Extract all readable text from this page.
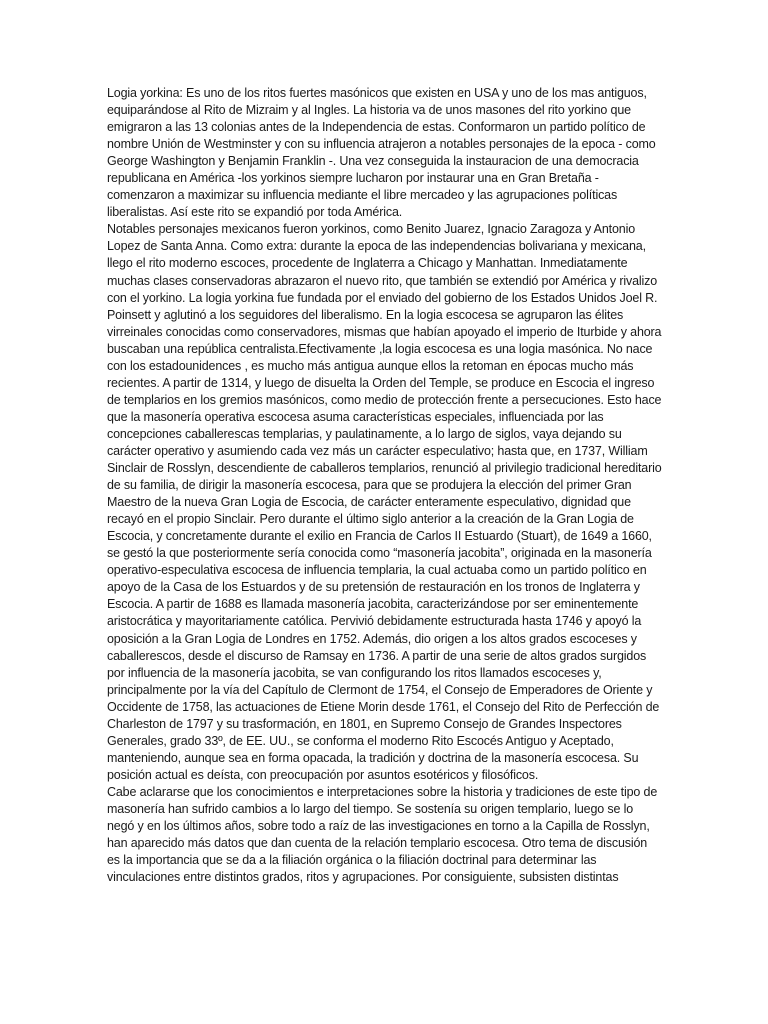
Logia yorkina: Es uno de los ritos fuertes masónicos que existen en USA y uno de los mas antiguos, equiparándose al Rito de Mizraim y al Ingles. La historia va de unos masones del rito yorkino que emigraron a las 13 colonias antes de la Independencia de estas. Conformaron un partido político de nombre Unión de Westminster y con su influencia atrajeron a notables personajes de la epoca - como George Washington y Benjamin Franklin -. Una vez conseguida la instauracion de una democracia republicana en América -los yorkinos siempre lucharon por instaurar una en Gran Bretaña -comenzaron a maximizar su influencia mediante el libre mercadeo y las agrupaciones políticas liberalistas. Así este rito se expandió por toda América.

Notables personajes mexicanos fueron yorkinos, como Benito Juarez, Ignacio Zaragoza y Antonio Lopez de Santa Anna. Como extra: durante la epoca de las independencias bolivariana y mexicana, llego el rito moderno escoces, procedente de Inglaterra a Chicago y Manhattan. Inmediatamente muchas clases conservadoras abrazaron el nuevo rito, que también se extendió por América y rivalizo con el yorkino. La logia yorkina fue fundada por el enviado del gobierno de los Estados Unidos Joel R. Poinsett y aglutinó a los seguidores del liberalismo. En la logia escocesa se agruparon las élites virreinales conocidas como conservadores, mismas que habían apoyado el imperio de Iturbide y ahora buscaban una república centralista.Efectivamente ,la logia escocesa es una logia masónica. No nace con los estadounidences , es mucho más antigua aunque ellos la retoman en épocas mucho más recientes. A partir de 1314, y luego de disuelta la Orden del Temple, se produce en Escocia el ingreso de templarios en los gremios masónicos, como medio de protección frente a persecuciones. Esto hace que la masonería operativa escocesa asuma características especiales, influenciada por las concepciones caballerescas templarias, y paulatinamente, a lo largo de siglos, vaya dejando su carácter operativo y asumiendo cada vez más un carácter especulativo; hasta que, en 1737, William Sinclair de Rosslyn, descendiente de caballeros templarios, renunció al privilegio tradicional hereditario de su familia, de dirigir la masonería escocesa, para que se produjera la elección del primer Gran Maestro de la nueva Gran Logia de Escocia, de carácter enteramente especulativo, dignidad que recayó en el propio Sinclair. Pero durante el último siglo anterior a la creación de la Gran Logia de Escocia, y concretamente durante el exilio en Francia de Carlos II Estuardo (Stuart), de 1649 a 1660, se gestó la que posteriormente sería conocida como “masonería jacobita”, originada en la masonería operativo-especulativa escocesa de influencia templaria, la cual actuaba como un partido político en apoyo de la Casa de los Estuardos y de su pretensión de restauración en los tronos de Inglaterra y Escocia. A partir de 1688 es llamada masonería jacobita, caracterizándose por ser eminentemente aristocrática y mayoritariamente católica. Pervivió debidamente estructurada hasta 1746 y apoyó la oposición a la Gran Logia de Londres en 1752. Además, dio origen a los altos grados escoceses y caballerescos, desde el discurso de Ramsay en 1736. A partir de una serie de altos grados surgidos por influencia de la masonería jacobita, se van configurando los ritos llamados escoceses y, principalmente por la vía del Capítulo de Clermont de 1754, el Consejo de Emperadores de Oriente y Occidente de 1758, las actuaciones de Etiene Morin desde 1761, el Consejo del Rito de Perfección de Charleston de 1797 y su trasformación, en 1801, en Supremo Consejo de Grandes Inspectores Generales, grado 33º, de EE. UU., se conforma el moderno Rito Escocés Antiguo y Aceptado, manteniendo, aunque sea en forma opacada, la tradición y doctrina de la masonería escocesa. Su posición actual es deísta, con preocupación por asuntos esotéricos y filosóficos.

Cabe aclararse que los conocimientos e interpretaciones sobre la historia y tradiciones de este tipo de masonería han sufrido cambios a lo largo del tiempo. Se sostenía su origen templario, luego se lo negó y en los últimos años, sobre todo a raíz de las investigaciones en torno a la Capilla de Rosslyn, han aparecido más datos que dan cuenta de la relación templario escocesa. Otro tema de discusión es la importancia que se da a la filiación orgánica o la filiación doctrinal para determinar las vinculaciones entre distintos grados, ritos y agrupaciones. Por consiguiente, subsisten distintas
